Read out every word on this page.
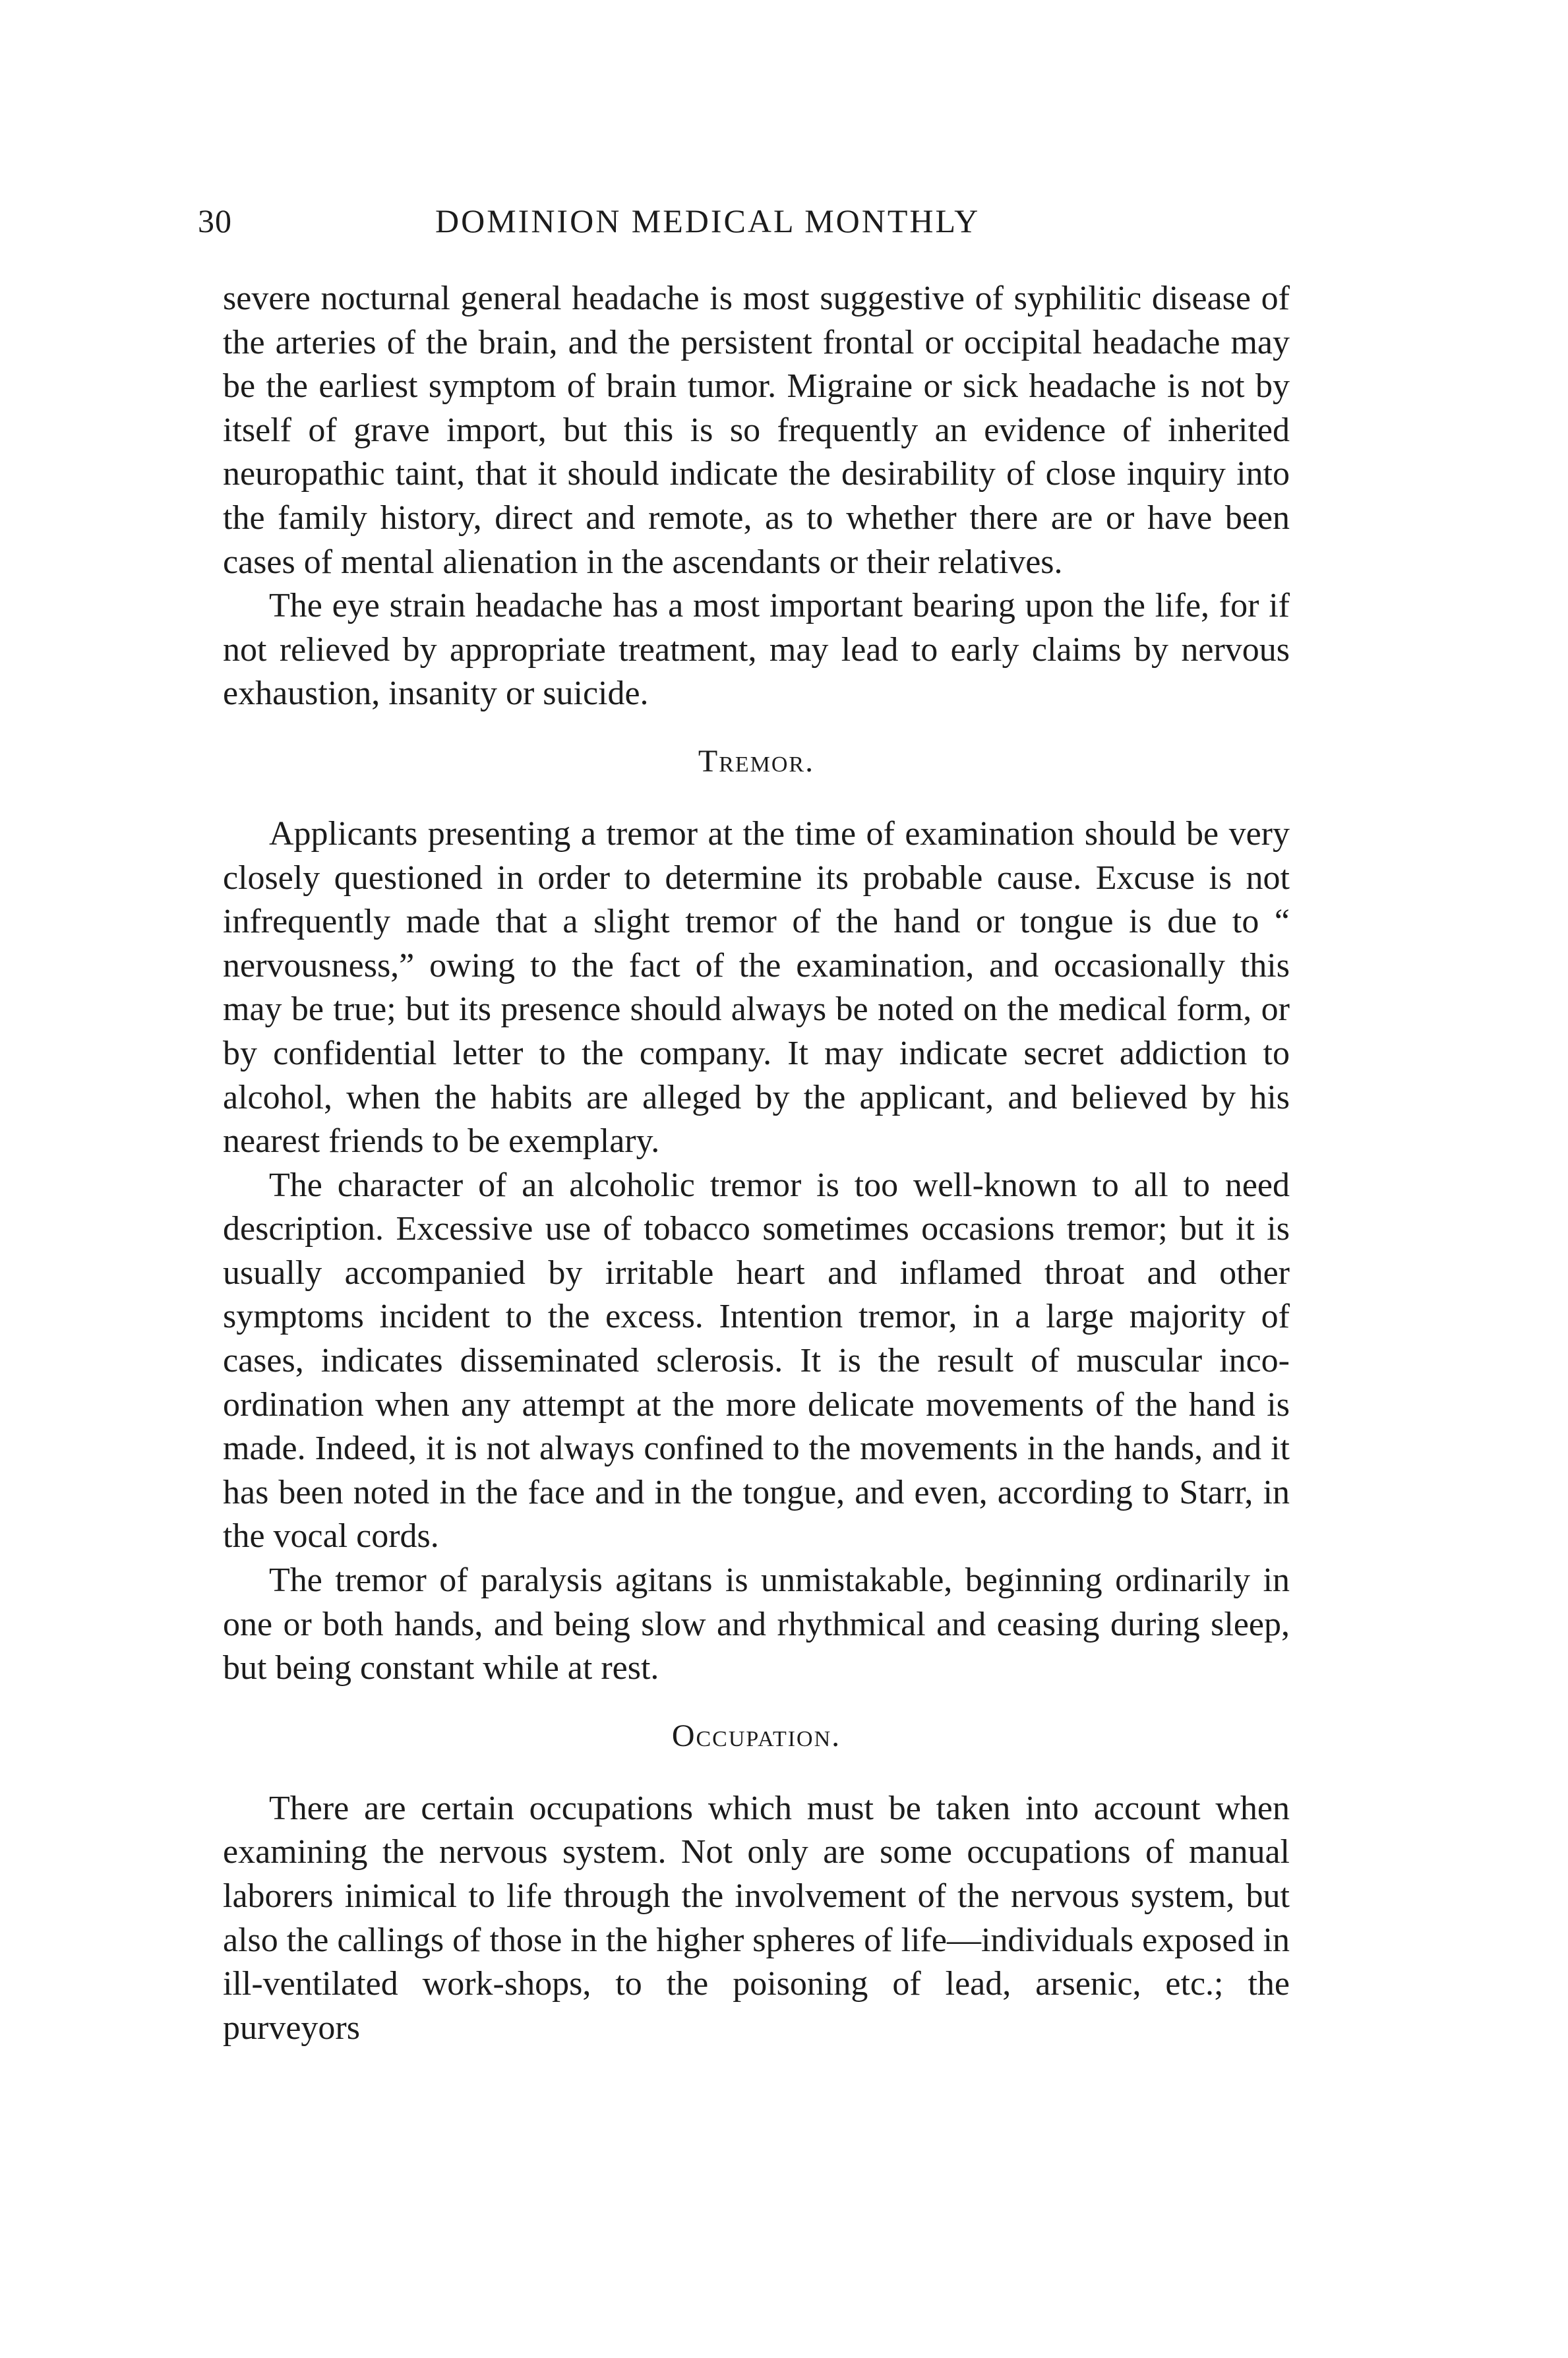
30	DOMINION MEDICAL MONTHLY

severe nocturnal general headache is most suggestive of syphilitic disease of the arteries of the brain, and the persistent frontal or occipital headache may be the earliest symptom of brain tumor. Migraine or sick headache is not by itself of grave import, but this is so frequently an evidence of inherited neuropathic taint, that it should indicate the desirability of close inquiry into the family history, direct and remote, as to whether there are or have been cases of mental alienation in the ascendants or their relatives.

The eye strain headache has a most important bearing upon the life, for if not relieved by appropriate treatment, may lead to early claims by nervous exhaustion, insanity or suicide.

Tremor.

Applicants presenting a tremor at the time of examination should be very closely questioned in order to determine its probable cause. Excuse is not infrequently made that a slight tremor of the hand or tongue is due to “ nervousness,” owing to the fact of the examination, and occasionally this may be true; but its presence should always be noted on the medical form, or by confidential letter to the company. It may indicate secret addiction to alcohol, when the habits are alleged by the applicant, and believed by his nearest friends to be exemplary.

The character of an alcoholic tremor is too well-known to all to need description. Excessive use of tobacco sometimes occasions tremor; but it is usually accompanied by irritable heart and inflamed throat and other symptoms incident to the excess. Intention tremor, in a large majority of cases, indicates disseminated sclerosis. It is the result of muscular inco-ordination when any attempt at the more delicate movements of the hand is made. Indeed, it is not always confined to the movements in the hands, and it has been noted in the face and in the tongue, and even, according to Starr, in the vocal cords.

The tremor of paralysis agitans is unmistakable, beginning ordinarily in one or both hands, and being slow and rhythmical and ceasing during sleep, but being constant while at rest.

Occupation.

There are certain occupations which must be taken into account when examining the nervous system. Not only are some occupations of manual laborers inimical to life through the involvement of the nervous system, but also the callings of those in the higher spheres of life—individuals exposed in ill-ventilated work-shops, to the poisoning of lead, arsenic, etc.; the purveyors
